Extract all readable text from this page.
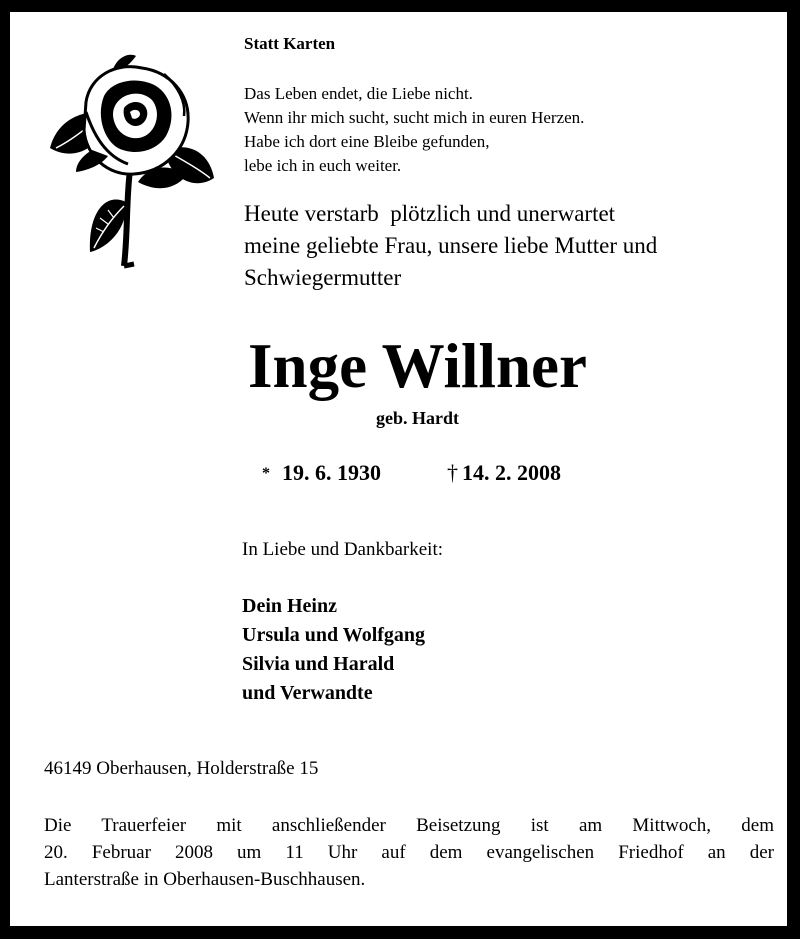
Statt Karten
Das Leben endet, die Liebe nicht.
Wenn ihr mich sucht, sucht mich in euren Herzen.
Habe ich dort eine Bleibe gefunden,
lebe ich in euch weiter.
Heute verstarb  plötzlich und unerwartet
meine geliebte Frau, unsere liebe Mutter und
Schwiegermutter
Inge Willner
geb. Hardt
* 19. 6. 1930	† 14. 2. 2008
In Liebe und Dankbarkeit:
Dein Heinz
Ursula und Wolfgang
Silvia und Harald
und Verwandte
46149 Oberhausen, Holderstraße 15
Die Trauerfeier mit anschließender Beisetzung ist am Mittwoch, dem
20. Februar 2008 um 11 Uhr auf dem evangelischen Friedhof an der
Lanterstraße in Oberhausen-Buschhausen.
